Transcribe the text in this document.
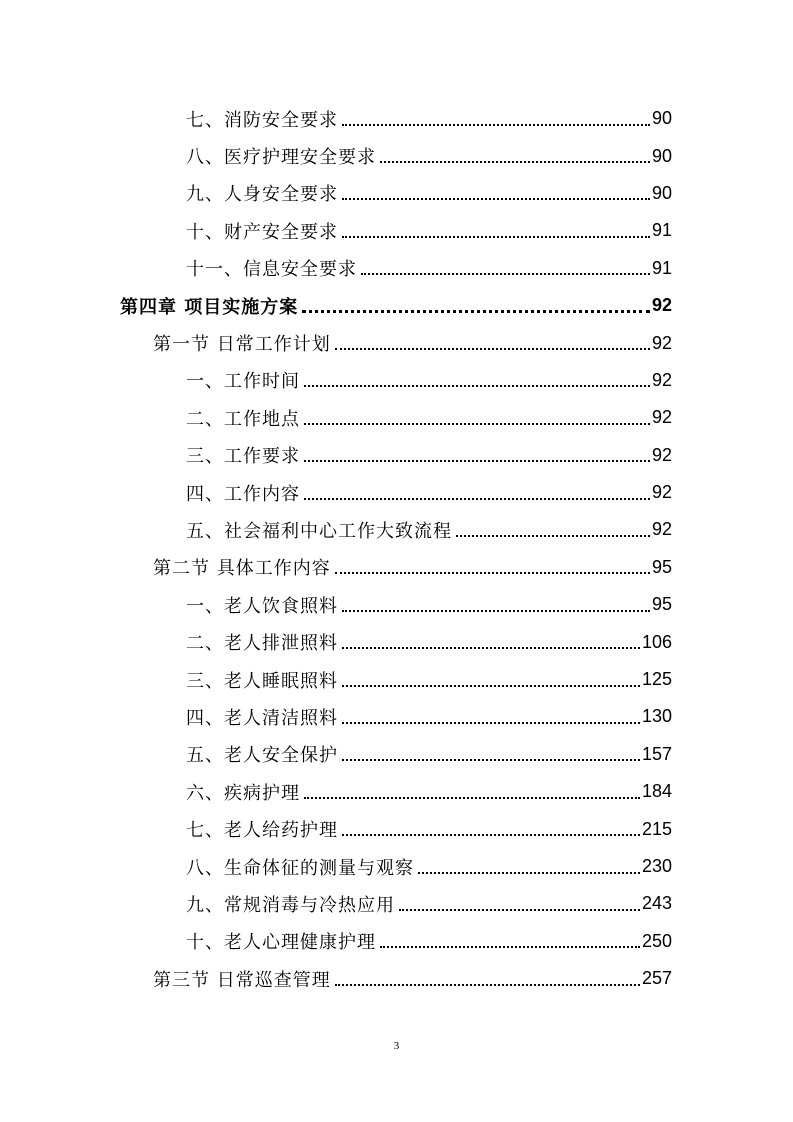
七、消防安全要求	90
八、医疗护理安全要求	90
九、人身安全要求	90
十、财产安全要求	91
十一、信息安全要求	91
第四章 项目实施方案	92
第一节 日常工作计划	92
一、工作时间	92
二、工作地点	92
三、工作要求	92
四、工作内容	92
五、社会福利中心工作大致流程	92
第二节 具体工作内容	95
一、老人饮食照料	95
二、老人排泄照料	106
三、老人睡眠照料	125
四、老人清洁照料	130
五、老人安全保护	157
六、疾病护理	184
七、老人给药护理	215
八、生命体征的测量与观察	230
九、常规消毒与冷热应用	243
十、老人心理健康护理	250
第三节 日常巡查管理	257
3
